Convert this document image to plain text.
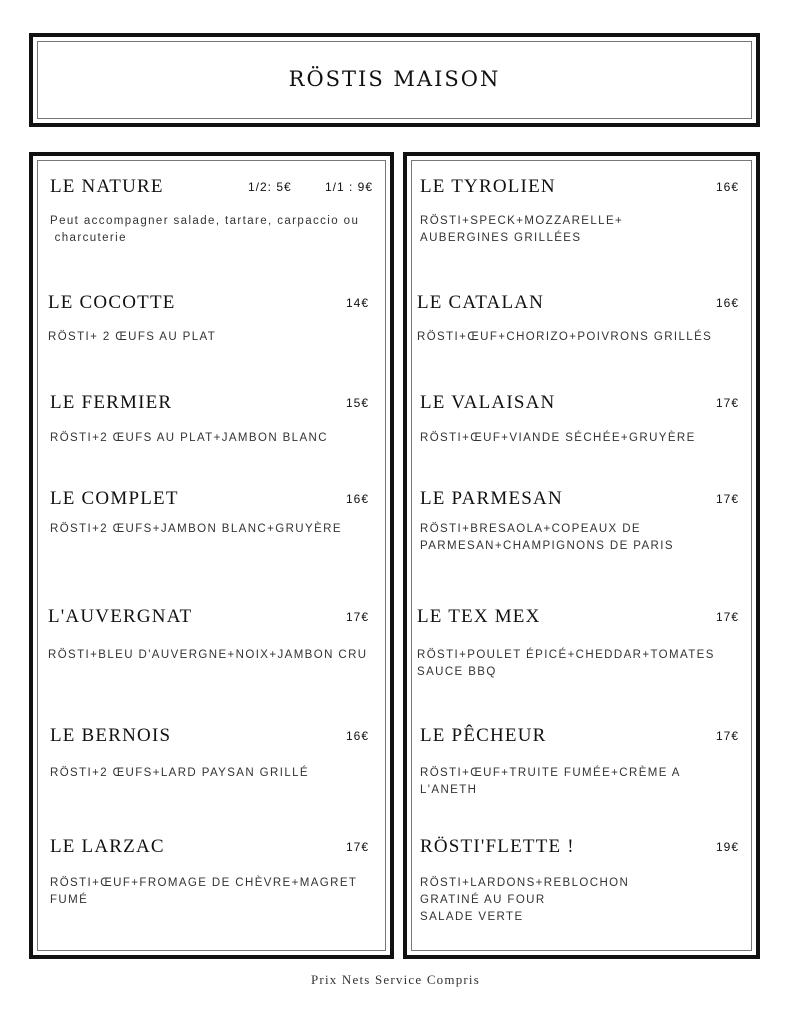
RÖSTIS MAISON
Prix Nets Service Compris
LE NATURE	1/2: 5€	1/1 : 9€
Peut accompagner salade, tartare, carpaccio ou
charcuterie
LE COCOTTE	14€
RÖSTI+ 2 ŒUFS AU PLAT
LE FERMIER	15€
RÖSTI+2 ŒUFS AU PLAT+JAMBON BLANC
LE COMPLET	16€
RÖSTI+2 ŒUFS+JAMBON BLANC+GRUYÈRE
L'AUVERGNAT	17€
RÖSTI+BLEU D'AUVERGNE+NOIX+JAMBON CRU
LE BERNOIS	16€
RÖSTI+2 ŒUFS+LARD PAYSAN GRILLÉ
LE LARZAC	17€
RÖSTI+ŒUF+FROMAGE DE CHÈVRE+MAGRET
FUMÉ
LE TYROLIEN	16€
RÖSTI+SPECK+MOZZARELLE+
AUBERGINES GRILLÉES
LE CATALAN	16€
RÖSTI+ŒUF+CHORIZO+POIVRONS GRILLÉS
LE VALAISAN	17€
RÖSTI+ŒUF+VIANDE SÉCHÉE+GRUYÈRE
LE PARMESAN	17€
RÖSTI+BRESAOLA+COPEAUX DE
PARMESAN+CHAMPIGNONS DE PARIS
LE TEX MEX	17€
RÖSTI+POULET ÉPICÉ+CHEDDAR+TOMATES
SAUCE BBQ
LE PÊCHEUR	17€
RÖSTI+ŒUF+TRUITE FUMÉE+CRÈME A
L'ANETH
RÖSTI'FLETTE !	19€
RÖSTI+LARDONS+REBLOCHON
GRATINÉ AU FOUR
SALADE VERTE
